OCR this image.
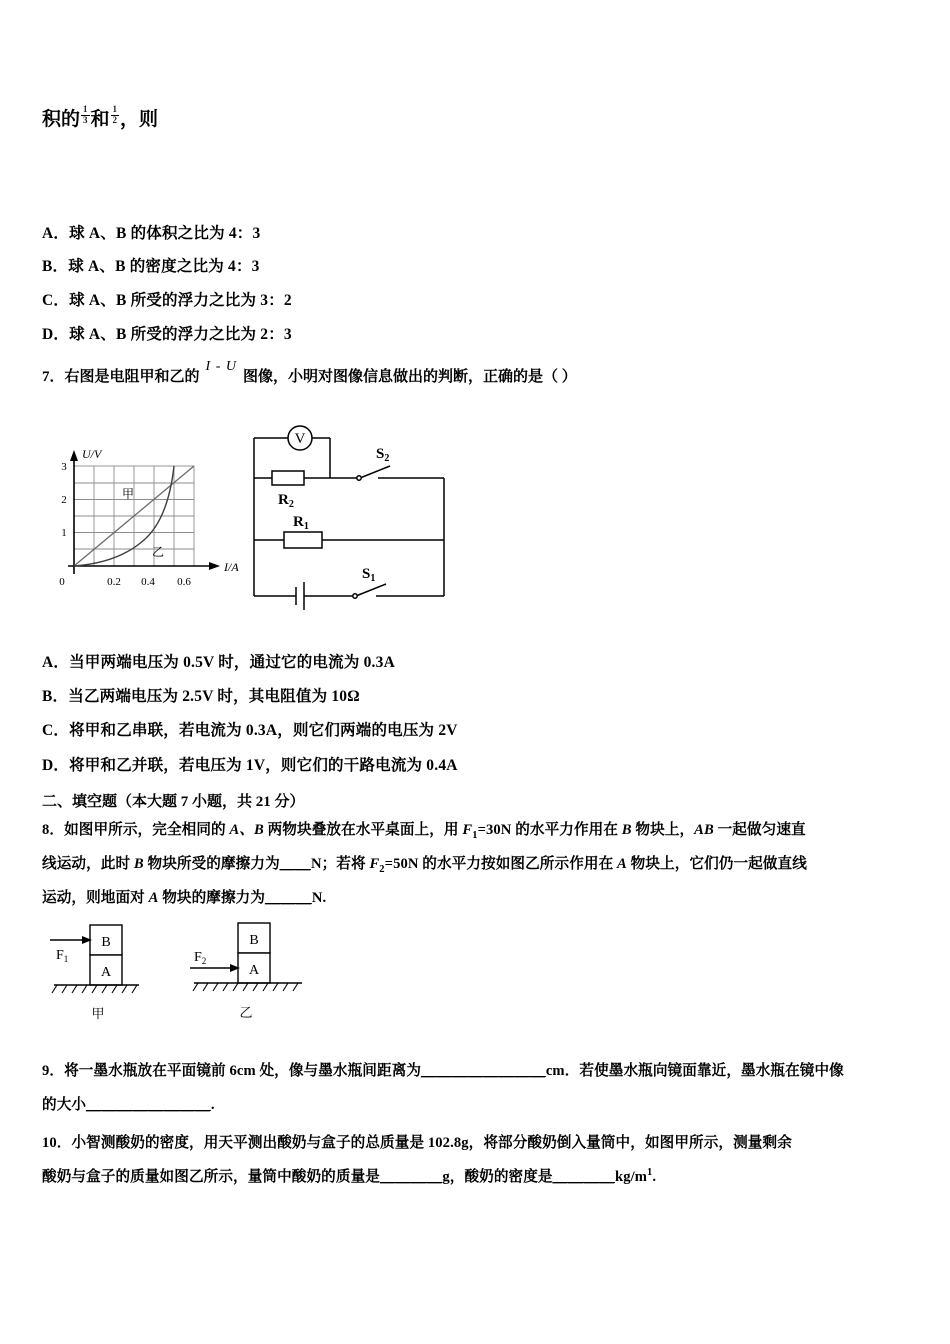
积的 $\frac{1}{3}$ 和 $\frac{1}{2}$ ，则
A．球 A、B 的体积之比为 4：3
B．球 A、B 的密度之比为 4：3
C．球 A、B 所受的浮力之比为 3：2
D．球 A、B 所受的浮力之比为 2：3
7． 右图是电阻甲和乙的
I - U
图像，小明对图像信息做出的判断，正确的是（ ）
3
2
1
0	0.2 0.4 0.6
U/V
I/A
甲
乙
V
$R_2$
$R_1$
$S_2$
$S_1$
A．当甲两端电压为 0.5V 时，通过它的电流为 0.3A
B．当乙两端电压为 2.5V 时，其电阻值为 10Ω
C．将甲和乙串联，若电流为 0.3A，则它们两端的电压为 2V
D．将甲和乙并联，若电压为 1V，则它们的干路电流为 0.4A
二、填空题（本大题 7 小题，共 21 分）
8．如图甲所示，完全相同的 A、B 两物块叠放在水平桌面上，用 $F_1=30N$ 的水平力作用在 B 物块上，AB 一起做匀速直
线运动，此时 B 物块所受的摩擦力为＿＿N；若将 $F_2=50N$ 的水平力按如图乙所示作用在 A 物块上，它们仍一起做直线
运动，则地面对 A 物块的摩擦力为＿＿＿N.
B
A
$F_1$
甲
B
A
$F_2$
乙
9．将一墨水瓶放在平面镜前 6cm 处，像与墨水瓶间距离为＿＿＿＿＿＿＿＿cm．若使墨水瓶向镜面靠近，墨水瓶在镜中像
的大小＿＿＿＿＿＿＿＿.
10．小智测酸奶的密度，用天平测出酸奶与盒子的总质量是 102.8g，将部分酸奶倒入量筒中，如图甲所示，测量剩余
酸奶与盒子的质量如图乙所示，量筒中酸奶的质量是＿＿＿＿g，酸奶的密度是$\_\_\_\_kg/m^1$.
